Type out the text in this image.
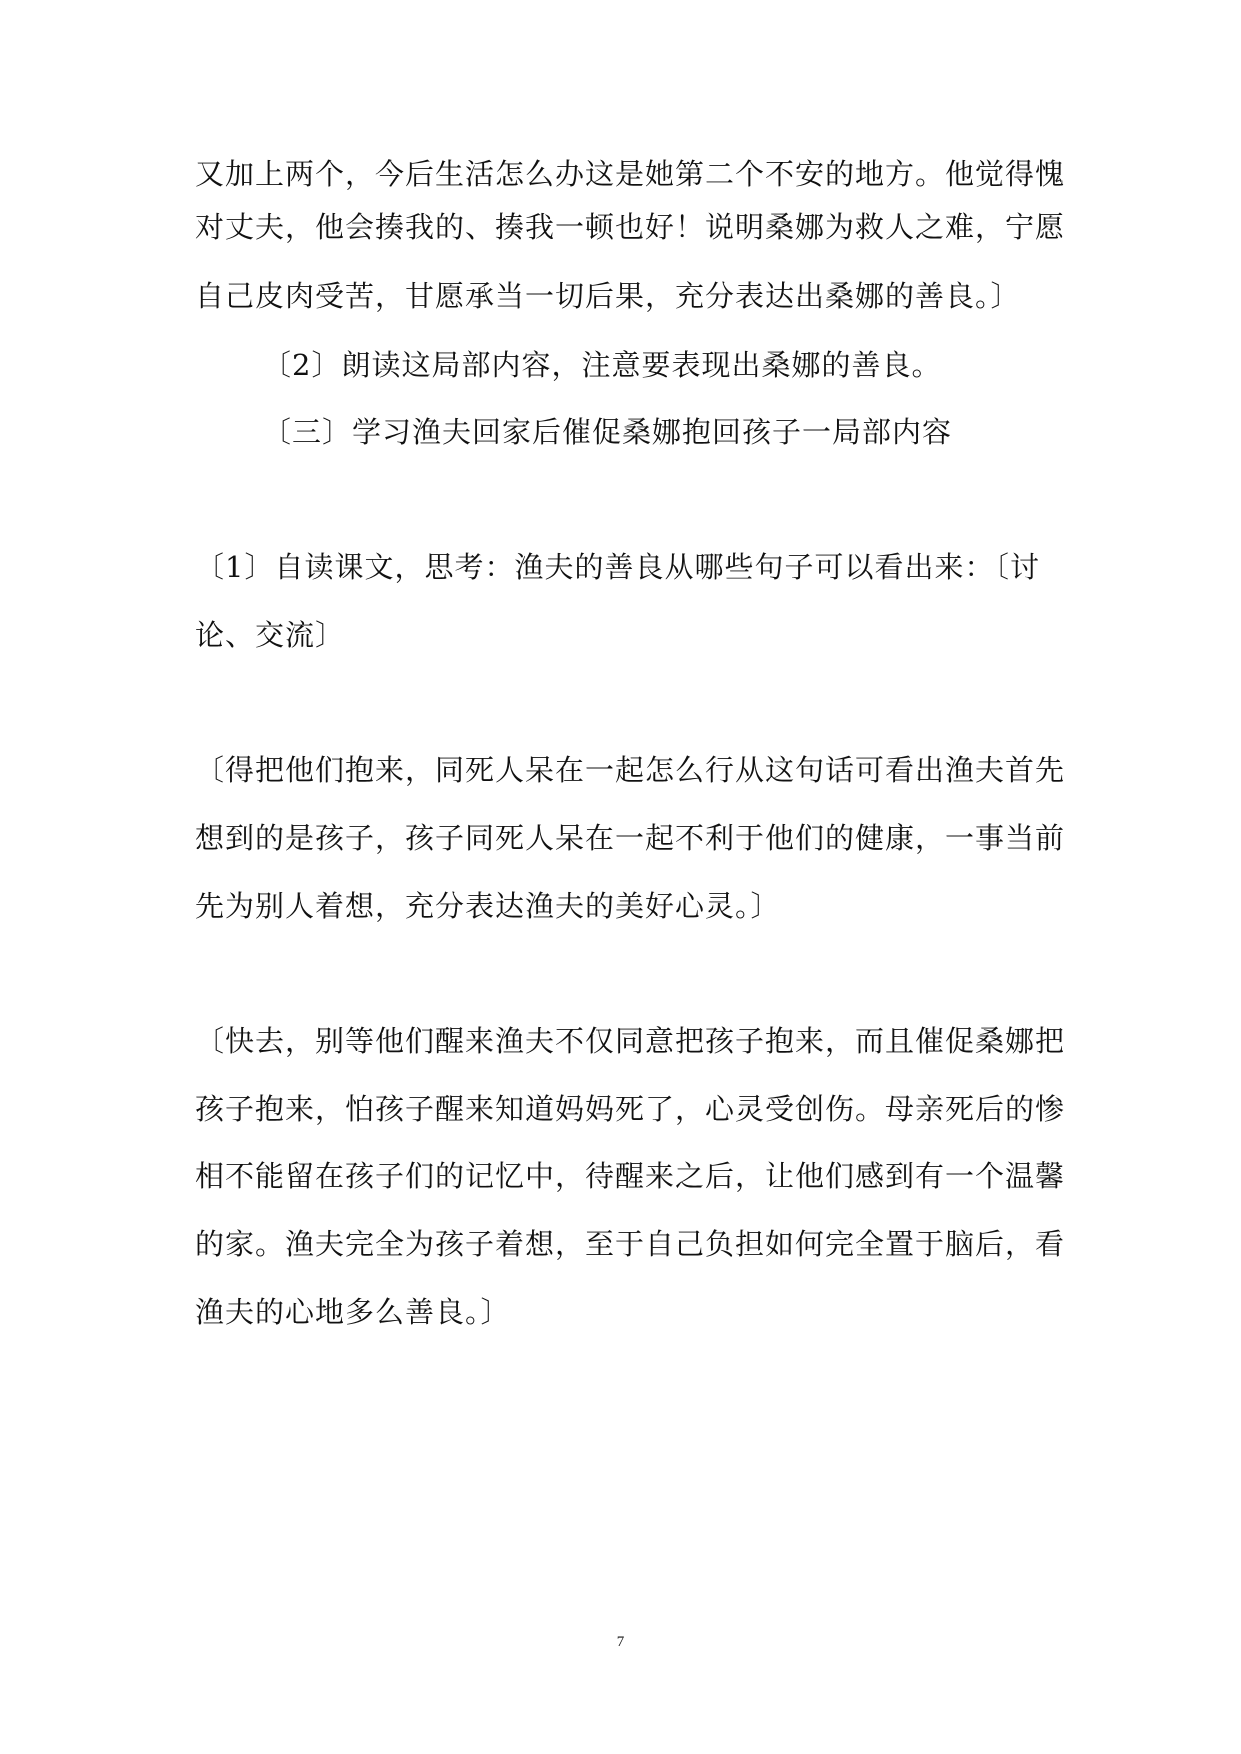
又加上两个，今后生活怎么办这是她第二个不安的地方。他觉得愧

对丈夫，他会揍我的、揍我一顿也好！说明桑娜为救人之难，宁愿

自己皮肉受苦，甘愿承当一切后果，充分表达出桑娜的善良。〕

〔2〕朗读这局部内容，注意要表现出桑娜的善良。

〔三〕学习渔夫回家后催促桑娜抱回孩子一局部内容

〔1〕自读课文，思考：渔夫的善良从哪些句子可以看出来：〔讨

论、交流〕

〔得把他们抱来，同死人呆在一起怎么行从这句话可看出渔夫首先

想到的是孩子，孩子同死人呆在一起不利于他们的健康，一事当前

先为别人着想，充分表达渔夫的美好心灵。〕

〔快去，别等他们醒来渔夫不仅同意把孩子抱来，而且催促桑娜把

孩子抱来，怕孩子醒来知道妈妈死了，心灵受创伤。母亲死后的惨

相不能留在孩子们的记忆中，待醒来之后，让他们感到有一个温馨

的家。渔夫完全为孩子着想，至于自己负担如何完全置于脑后，看

渔夫的心地多么善良。〕

7
